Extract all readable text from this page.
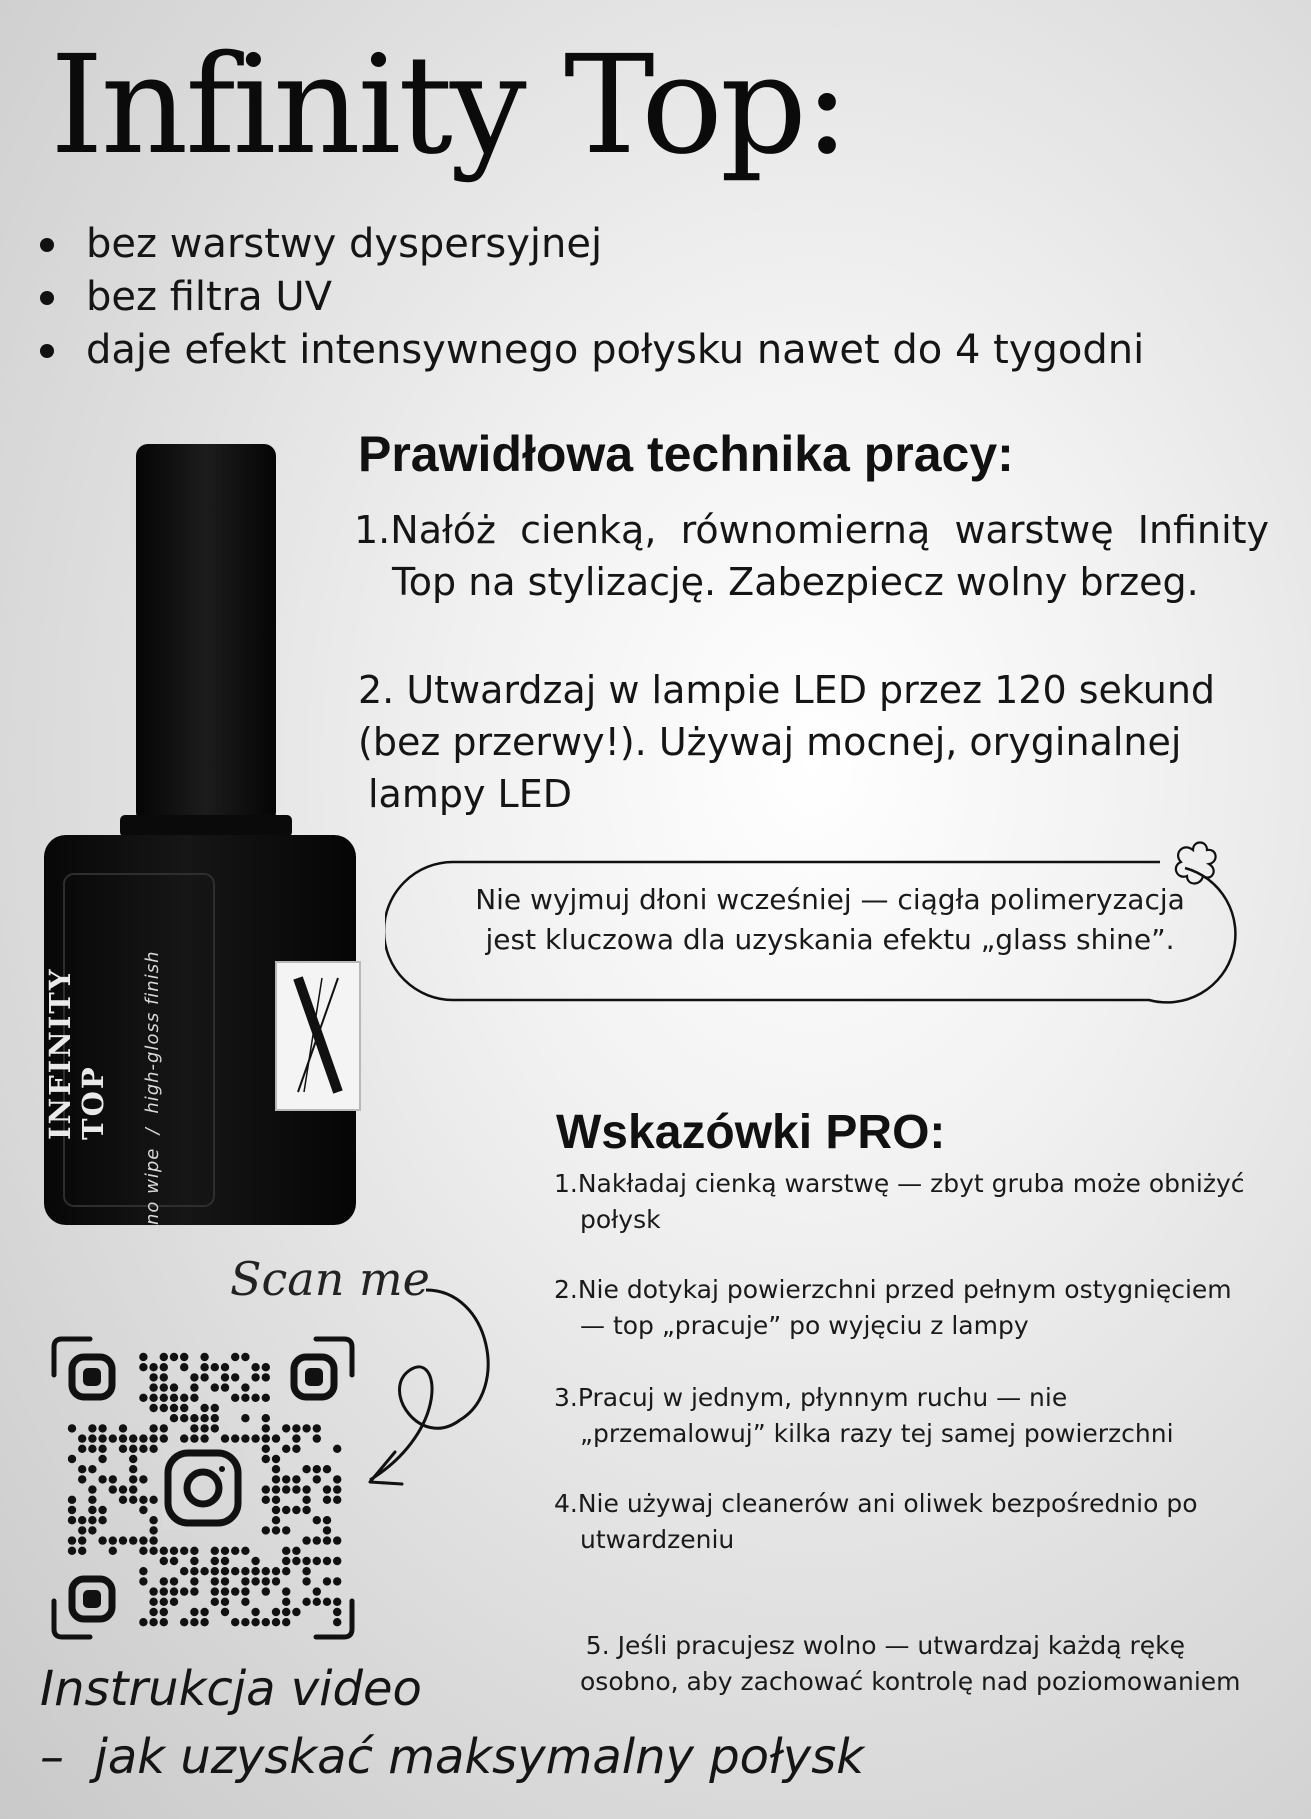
Infinity Top:
bez warstwy dyspersyjnej
bez filtra UV
daje efekt intensywnego połysku nawet do 4 tygodni
INFINITY TOP no wipe  /  high-gloss finish
Prawidłowa technika pracy:
1.Nałóż  cienką,  równomierną  warstwę  Infinity
Top na stylizację. Zabezpiecz wolny brzeg.
2. Utwardzaj w lampie LED przez 120 sekund
(bez przerwy!). Używaj mocnej, oryginalnej
lampy LED
Nie wyjmuj dłoni wcześniej — ciągła polimeryzacja
jest kluczowa dla uzyskania efektu „glass shine”.
Wskazówki PRO:
1.Nakładaj cienką warstwę — zbyt gruba może obniżyć
połysk
2.Nie dotykaj powierzchni przed pełnym ostygnięciem
— top „pracuje” po wyjęciu z lampy
3.Pracuj w jednym, płynnym ruchu — nie
„przemalowuj” kilka razy tej samej powierzchni
4.Nie używaj cleanerów ani oliwek bezpośrednio po
utwardzeniu

5. Jeśli pracujesz wolno — utwardzaj każdą rękę
osobno, aby zachować kontrolę nad poziomowaniem

Scan me
Instrukcja video
–  jak uzyskać maksymalny połysk
